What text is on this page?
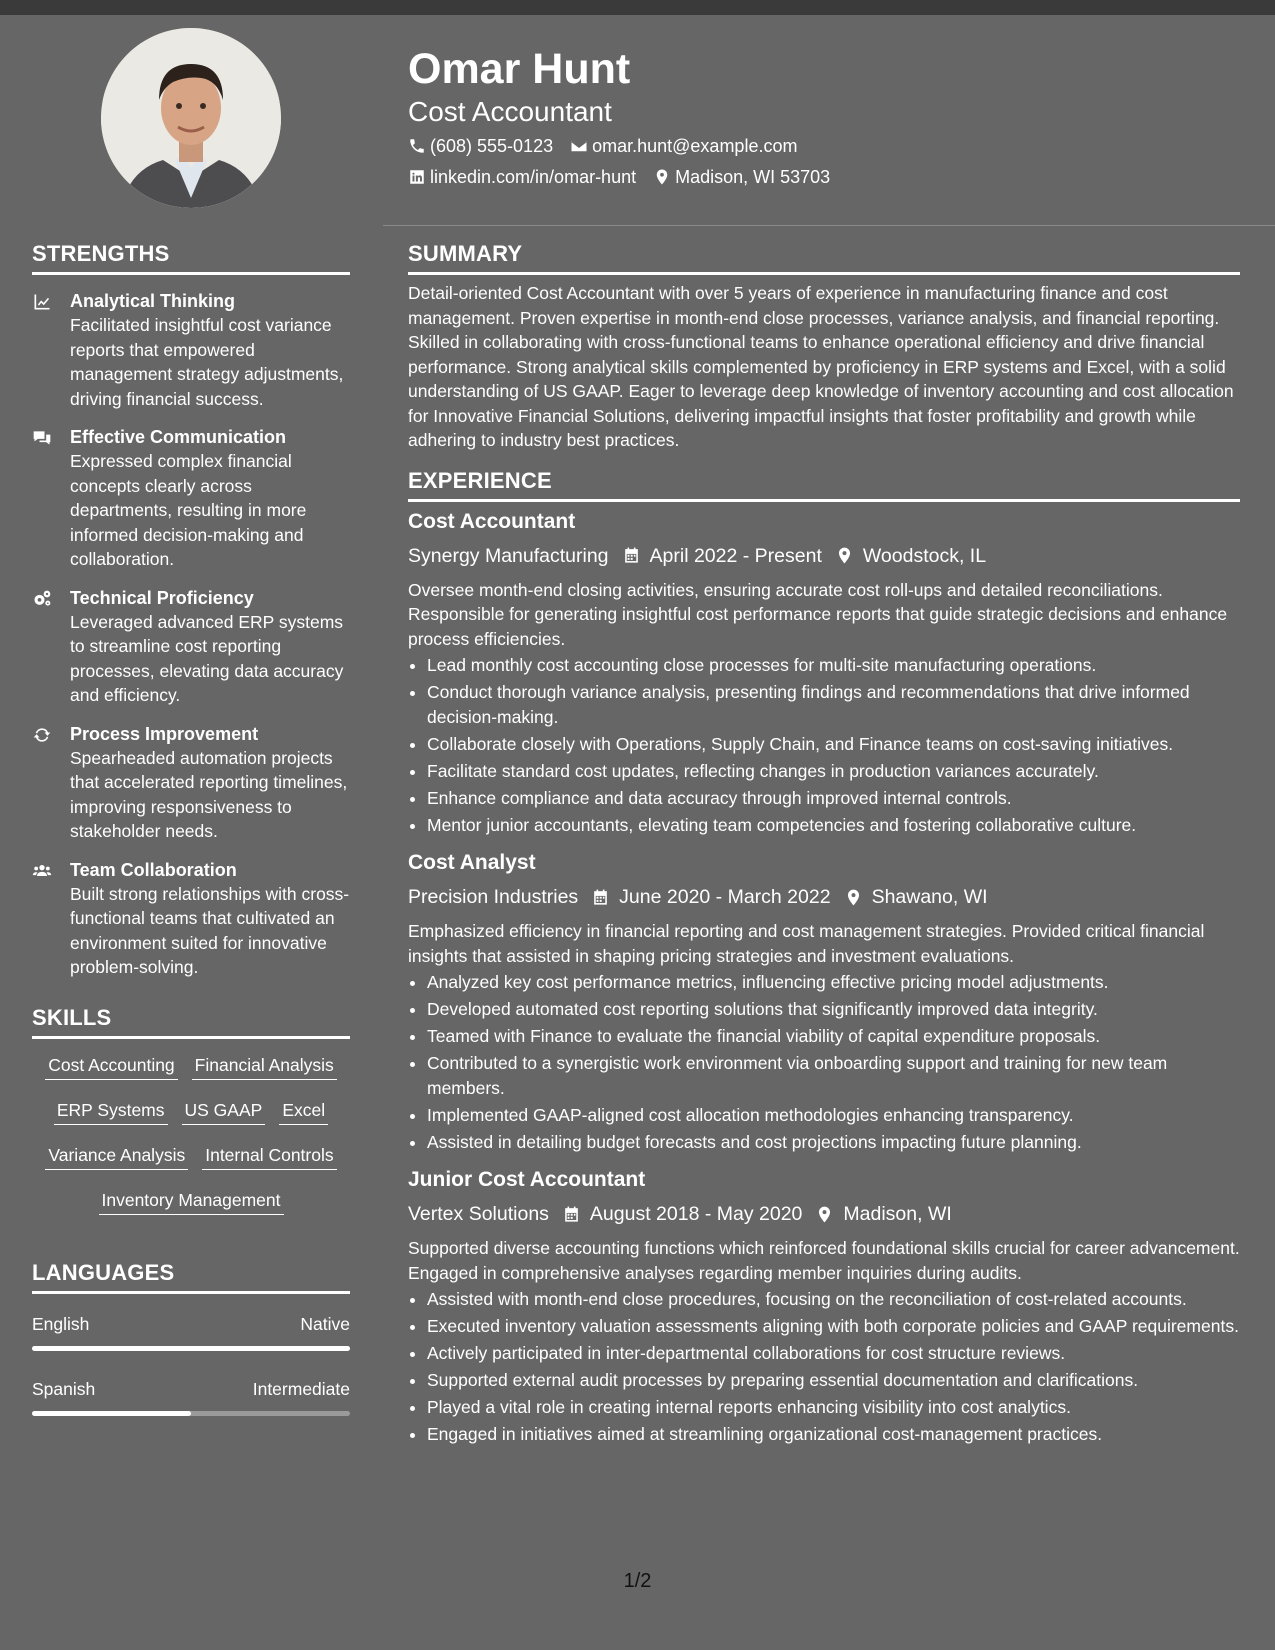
Omar Hunt
Cost Accountant
(608) 555-0123 omar.hunt@example.com
linkedin.com/in/omar-hunt Madison, WI 53703
STRENGTHS
Analytical Thinking
Facilitated insightful cost variance reports that empowered management strategy adjustments, driving financial success.
Effective Communication
Expressed complex financial concepts clearly across departments, resulting in more informed decision-making and collaboration.
Technical Proficiency
Leveraged advanced ERP systems to streamline cost reporting processes, elevating data accuracy and efficiency.
Process Improvement
Spearheaded automation projects that accelerated reporting timelines, improving responsiveness to stakeholder needs.
Team Collaboration
Built strong relationships with cross-functional teams that cultivated an environment suited for innovative problem-solving.
SKILLS
Cost Accounting Financial Analysis
ERP Systems US GAAP Excel
Variance Analysis Internal Controls
Inventory Management
LANGUAGES
English	Native
Spanish	Intermediate
SUMMARY
Detail-oriented Cost Accountant with over 5 years of experience in manufacturing finance and cost management. Proven expertise in month-end close processes, variance analysis, and financial reporting. Skilled in collaborating with cross-functional teams to enhance operational efficiency and drive financial performance. Strong analytical skills complemented by proficiency in ERP systems and Excel, with a solid understanding of US GAAP. Eager to leverage deep knowledge of inventory accounting and cost allocation for Innovative Financial Solutions, delivering impactful insights that foster profitability and growth while adhering to industry best practices.
EXPERIENCE
Cost Accountant
Synergy Manufacturing April 2022 - Present Woodstock, IL
Oversee month-end closing activities, ensuring accurate cost roll-ups and detailed reconciliations. Responsible for generating insightful cost performance reports that guide strategic decisions and enhance process efficiencies.
• Lead monthly cost accounting close processes for multi-site manufacturing operations.
• Conduct thorough variance analysis, presenting findings and recommendations that drive informed decision-making.
• Collaborate closely with Operations, Supply Chain, and Finance teams on cost-saving initiatives.
• Facilitate standard cost updates, reflecting changes in production variances accurately.
• Enhance compliance and data accuracy through improved internal controls.
• Mentor junior accountants, elevating team competencies and fostering collaborative culture.
Cost Analyst
Precision Industries June 2020 - March 2022 Shawano, WI
Emphasized efficiency in financial reporting and cost management strategies. Provided critical financial insights that assisted in shaping pricing strategies and investment evaluations.
• Analyzed key cost performance metrics, influencing effective pricing model adjustments.
• Developed automated cost reporting solutions that significantly improved data integrity.
• Teamed with Finance to evaluate the financial viability of capital expenditure proposals.
• Contributed to a synergistic work environment via onboarding support and training for new team members.
• Implemented GAAP-aligned cost allocation methodologies enhancing transparency.
• Assisted in detailing budget forecasts and cost projections impacting future planning.
Junior Cost Accountant
Vertex Solutions August 2018 - May 2020 Madison, WI
Supported diverse accounting functions which reinforced foundational skills crucial for career advancement. Engaged in comprehensive analyses regarding member inquiries during audits.
• Assisted with month-end close procedures, focusing on the reconciliation of cost-related accounts.
• Executed inventory valuation assessments aligning with both corporate policies and GAAP requirements.
• Actively participated in inter-departmental collaborations for cost structure reviews.
• Supported external audit processes by preparing essential documentation and clarifications.
• Played a vital role in creating internal reports enhancing visibility into cost analytics.
• Engaged in initiatives aimed at streamlining organizational cost-management practices.
1/2
